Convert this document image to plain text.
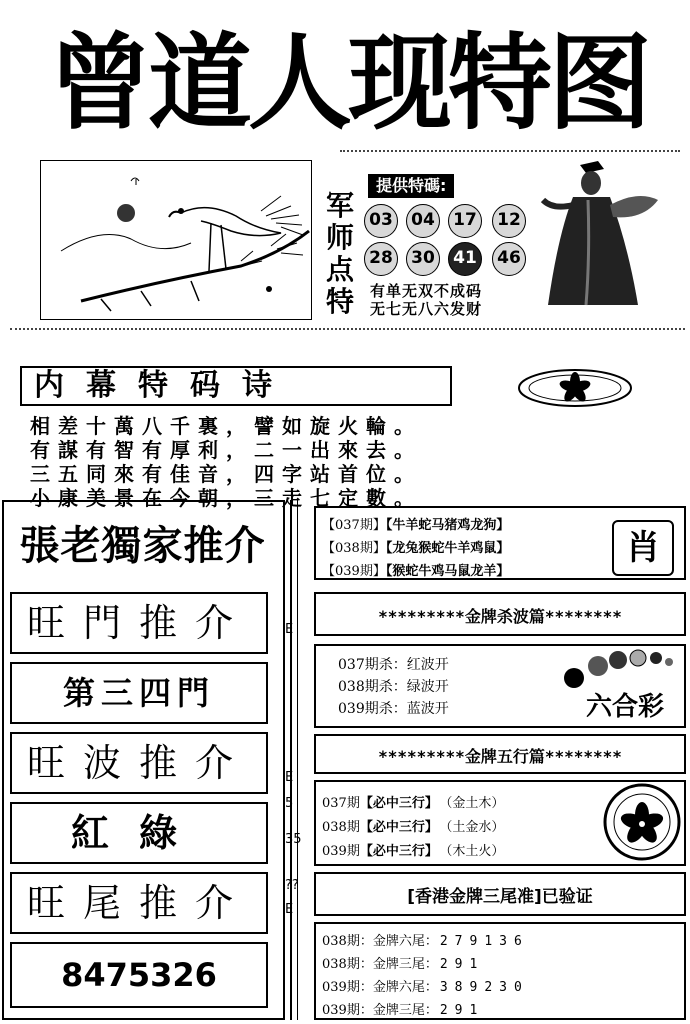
曾道人现特图
军师点特
提供特碼:
03	04	17	12
28	30	41	46
有单无双不成码
无七无八六发财
内幕特码诗
相差十萬八千裏，譬如旋火輪。
有謀有智有厚利，二一出來去。
三五同來有佳音，四字站首位。
小康美景在今朝，三走七定數。
張老獨家推介
旺門推介
第三四門
旺波推介
紅綠
旺尾推介
8475326
E
E
5
35
??
E
【037期】【牛羊蛇马猪鸡龙狗】
【038期】【龙兔猴蛇牛羊鸡鼠】
【039期】【猴蛇牛鸡马鼠龙羊】
肖
*********金牌杀波篇********
037期杀：红波开
038期杀：绿波开
039期杀：蓝波开	六合彩
*********金牌五行篇********
037期【必中三行】 （金土木）
038期【必中三行】 （土金水）
039期【必中三行】 （木土火）
[香港金牌三尾准]已验证
038期：金牌六尾： 279136
038期：金牌三尾： 291
039期：金牌六尾： 389230
039期：金牌三尾： 291
